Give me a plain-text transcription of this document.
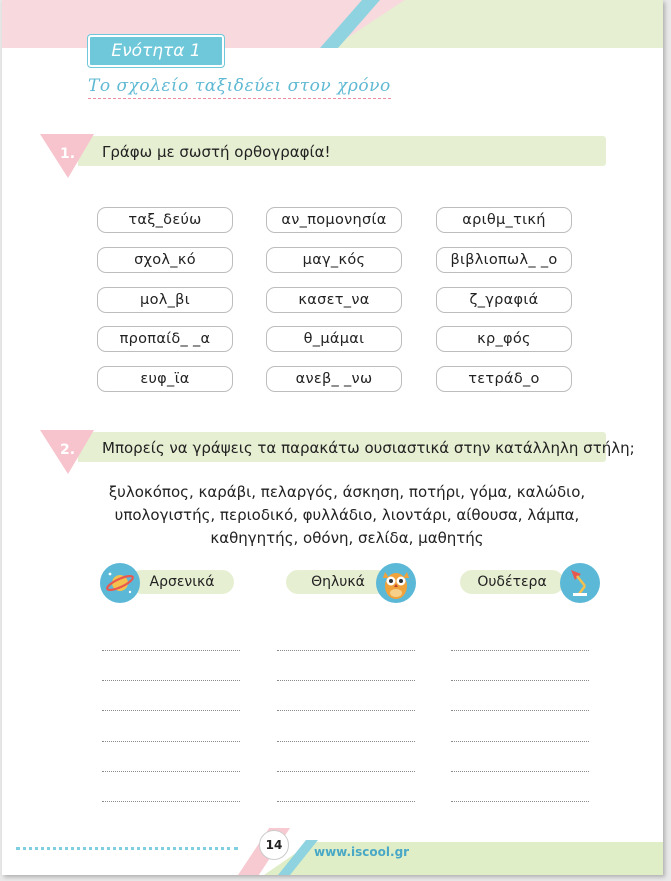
Ενότητα 1
Το σχολείο ταξιδεύει στον χρόνο
1. Γράφω με σωστή ορθογραφία!
ταξ_δεύω	αν_πομονησία	αριθμ_τική
σχολ_κό	μαγ_κός	βιβλιοπωλ_ _ο
μολ_βι	κασετ_να	ζ_γραφιά
προπαίδ_ _α	θ_μάμαι	κρ_φός
ευφ_ϊα	ανεβ_ _νω	τετράδ_ο
2. Μπορείς να γράψεις τα παρακάτω ουσιαστικά στην κατάλληλη στήλη;
ξυλοκόπος, καράβι, πελαργός, άσκηση, ποτήρι, γόμα, καλώδιο,
υπολογιστής, περιοδικό, φυλλάδιο, λιοντάρι, αίθουσα, λάμπα,
καθηγητής, οθόνη, σελίδα, μαθητής
Αρσενικά	Θηλυκά	Ουδέτερα
14	www.iscool.gr
